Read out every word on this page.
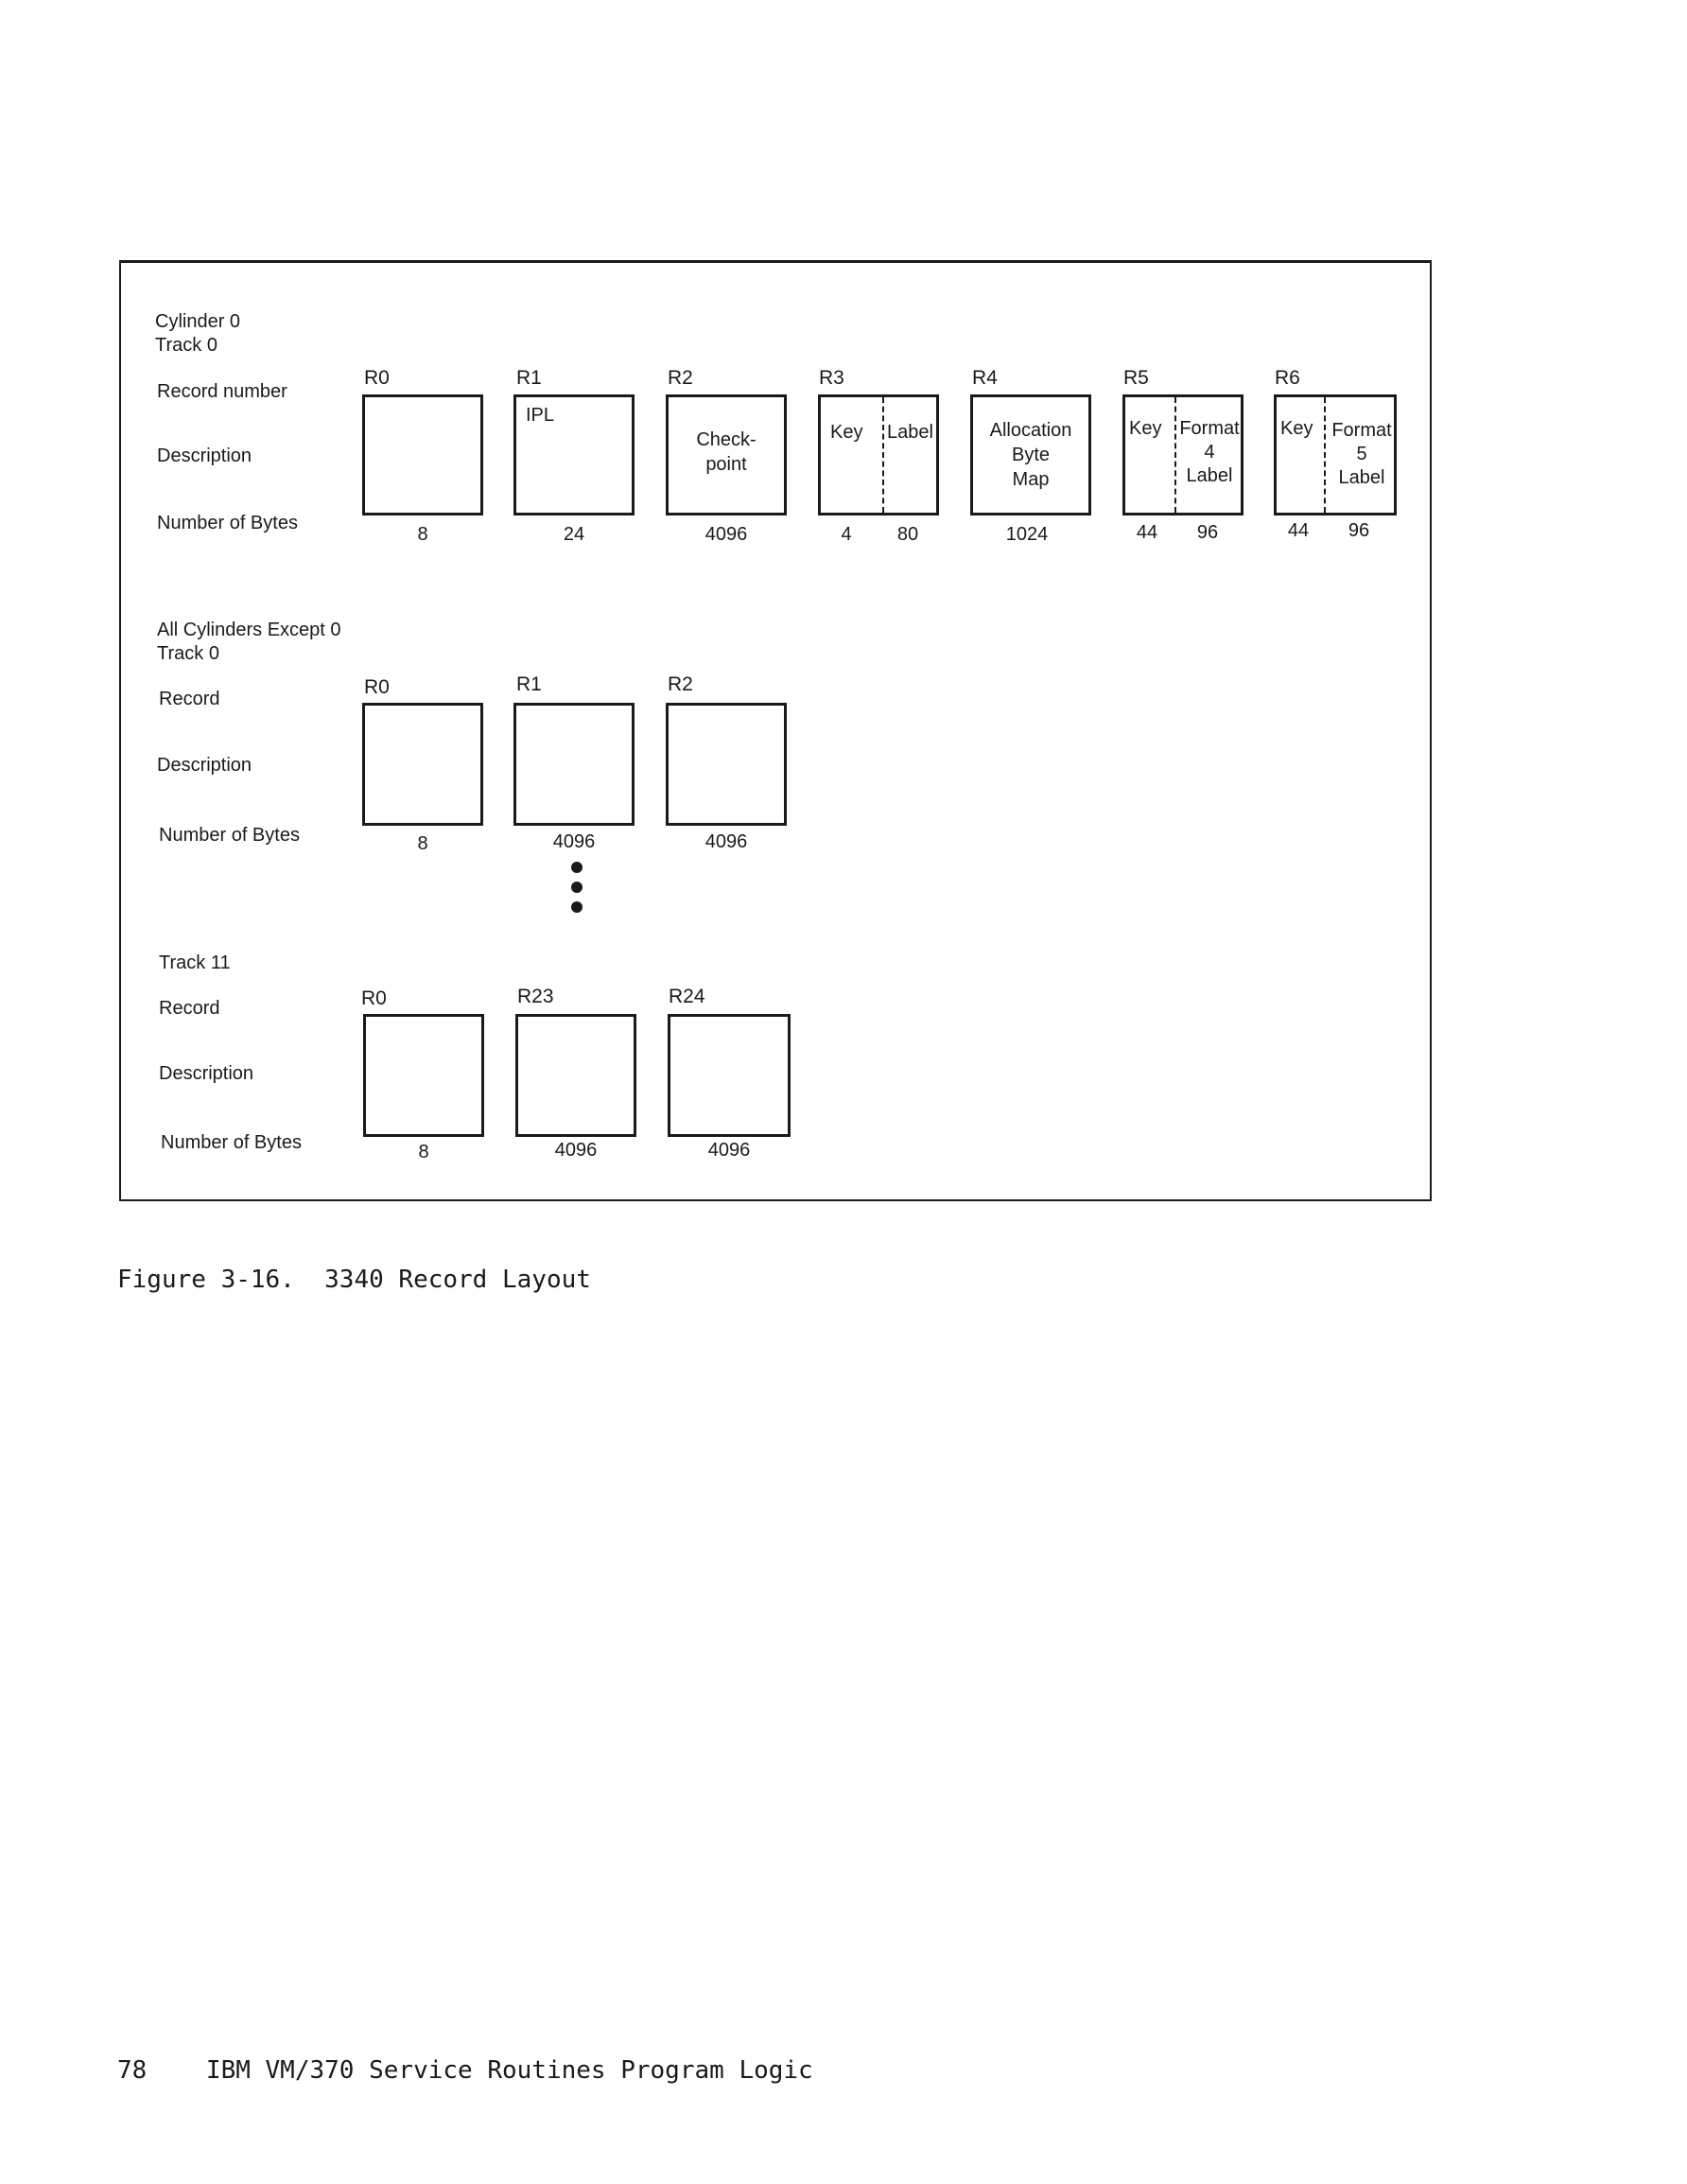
Cylinder 0
Track 0
Record number
Description
Number of Bytes
R0
8
R1
IPL
24
R2
Check-
point
4096
R3
Key Label
4	80
R4
Allocation
Byte
Map
1024
R5
Key Format
4
Label
44 96
R6
Key Format
5
Label
44 96
All Cylinders Except 0
Track 0
Record
Description
Number of Bytes
R0
8
R1
4096
R2
4096
Track 11
Record
Description
Number of Bytes
R0
8
R23
4096
R24
4096
Figure 3-16.  3340 Record Layout
78    IBM VM/370 Service Routines Program Logic
